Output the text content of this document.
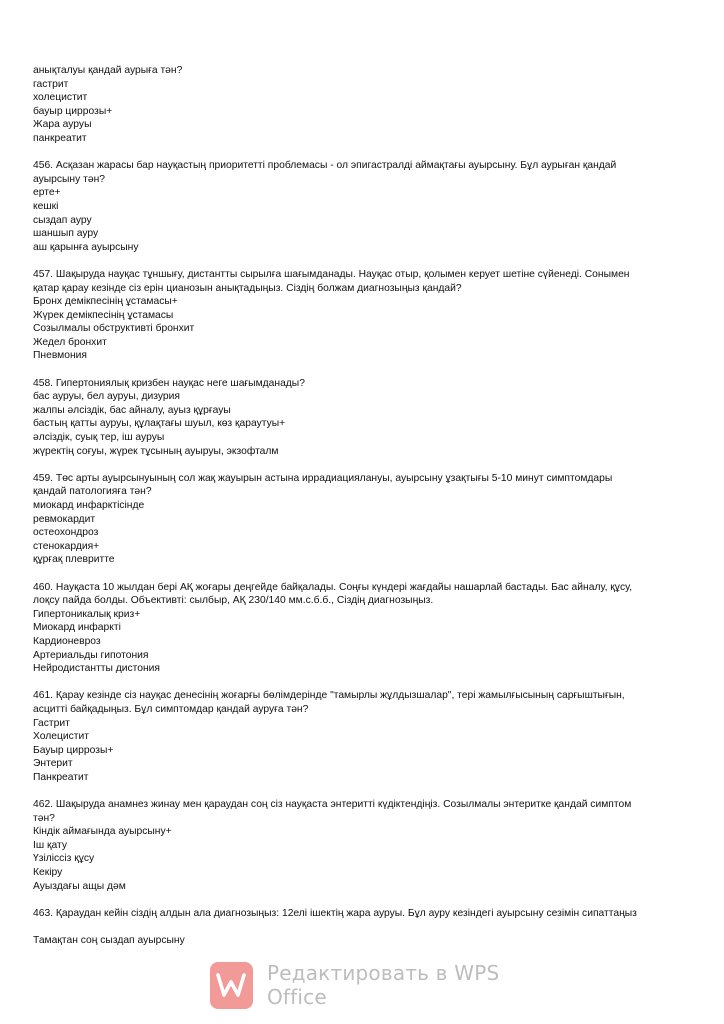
анықталуы қандай аурыға тән?
гастрит
холецистит
бауыр циррозы+
Жара ауруы
панкреатит
456. Асқазан жарасы бар науқастың приоритетті проблемасы - ол эпигастралді аймақтағы ауырсыну. Бұл аурыған қандай
ауырсыну тән?
ерте+
кешкі
сыздап ауру
шаншып ауру
аш қарынға ауырсыну
457. Шақыруда науқас тұншығу, дистантты сырылға шағымданады. Науқас отыр, қолымен керует шетіне сүйенеді. Сонымен
қатар қарау кезінде сіз ерін цианозын анықтадыңыз. Сіздің болжам диагнозыңыз қандай?
Бронх демікпесінің ұстамасы+
Жүрек демікпесінің ұстамасы
Созылмалы обструктивті бронхит
Жедел бронхит
Пневмония
458. Гипертониялық кризбен науқас неге шағымданады?
бас ауруы, бел ауруы, дизурия
жалпы әлсіздік, бас айналу, ауыз құрғауы
бастың қатты ауруы, құлақтағы шуыл, көз қараутуы+
әлсіздік, суық тер, іш ауруы
жүректің соғуы, жүрек тұсының ауыруы, экзофталм
459. Төс арты ауырсынуының сол жақ жауырын астына иррадиациялануы, ауырсыну ұзақтығы 5-10 минут симптомдары
қандай патологияға тән?
миокард инфарктісінде
ревмокардит
остеохондроз
стенокардия+
құрғақ плевритте
460. Науқаста 10 жылдан бері АҚ жоғары деңгейде байқалады. Соңғы күндері жағдайы нашарлай бастады. Бас айналу, құсу,
лоқсу пайда болды. Объективті: сылбыр, АҚ 230/140 мм.с.б.б., Сіздің диагнозыңыз.
Гипертоникалық криз+
Миокард инфаркті
Кардионевроз
Артериальды гипотония
Нейродистантты дистония
461. Қарау кезінде сіз науқас денесінің жоғарғы бөлімдерінде "тамырлы жұлдызшалар", тері жамылғысының сарғыштығын,
асцитті байқадыңыз. Бұл симптомдар қандай ауруға тән?
Гастрит
Холецистит
Бауыр циррозы+
Энтерит
Панкреатит
462. Шақыруда анамнез жинау мен қараудан соң сіз науқаста энтеритті күдіктендіңіз. Созылмалы энтеритке қандай симптом
тән?
Кіндік аймағында ауырсыну+
Іш қату
Үзіліссіз құсу
Кекіру
Ауыздағы ащы дәм
463. Қараудан кейін сіздің алдын ала диагнозыңыз: 12елі ішектің жара ауруы. Бұл ауру кезіндегі ауырсыну сезімін сипаттаңыз
Тамақтан соң сыздап ауырсыну
Редактировать в WPS Office
